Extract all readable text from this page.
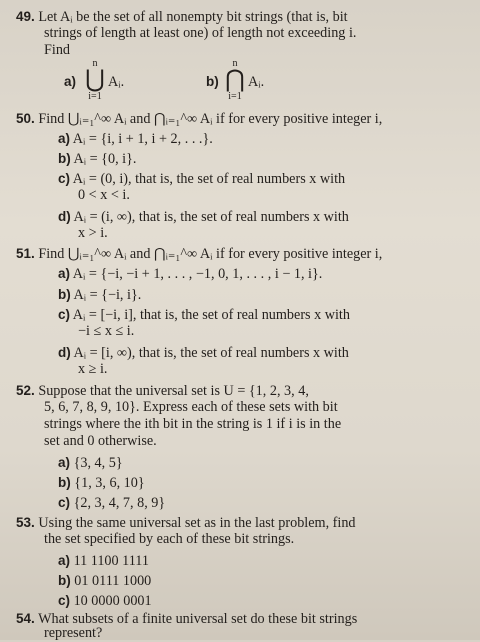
49. Let Aᵢ be the set of all nonempty bit strings (that is, bit
strings of length at least one) of length not exceeding i.
Find
a)
n
⋃
i=1
Aᵢ.	b)
n
⋂
i=1
Aᵢ.
50. Find ⋃ᵢ₌₁^∞ Aᵢ and ⋂ᵢ₌₁^∞ Aᵢ if for every positive integer i,
a) Aᵢ = {i, i + 1, i + 2, . . .}.
b) Aᵢ = {0, i}.
c) Aᵢ = (0, i), that is, the set of real numbers x with
0 < x < i.
d) Aᵢ = (i, ∞), that is, the set of real numbers x with
x > i.
51. Find ⋃ᵢ₌₁^∞ Aᵢ and ⋂ᵢ₌₁^∞ Aᵢ if for every positive integer i,
a) Aᵢ = {−i, −i + 1, . . . , −1, 0, 1, . . . , i − 1, i}.
b) Aᵢ = {−i, i}.
c) Aᵢ = [−i, i], that is, the set of real numbers x with
−i ≤ x ≤ i.
d) Aᵢ = [i, ∞), that is, the set of real numbers x with
x ≥ i.
52. Suppose that the universal set is U = {1, 2, 3, 4,
5, 6, 7, 8, 9, 10}. Express each of these sets with bit
strings where the ith bit in the string is 1 if i is in the
set and 0 otherwise.
a) {3, 4, 5}
b) {1, 3, 6, 10}
c) {2, 3, 4, 7, 8, 9}
53. Using the same universal set as in the last problem, find
the set specified by each of these bit strings.
a) 11 1100 1111
b) 01 0111 1000
c) 10 0000 0001
54. What subsets of a finite universal set do these bit strings
represent?
